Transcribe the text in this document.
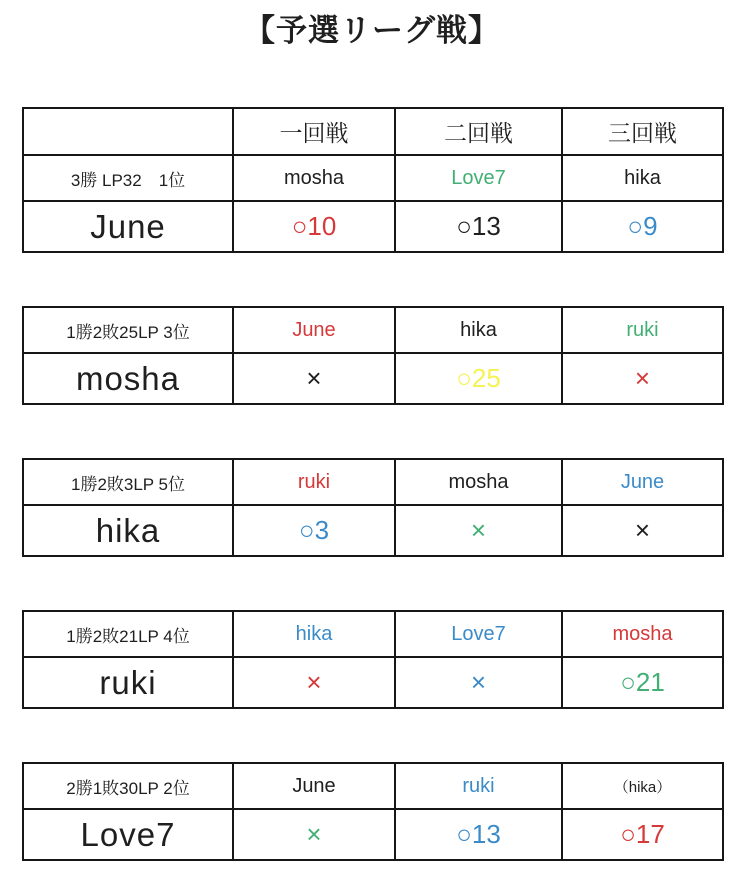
【予選リーグ戦】
	一回戦	二回戦	三回戦
3勝 LP32　1位	mosha	Love7	hika
June	○10	○13	○9
1勝2敗25LP 3位	June	hika	ruki
mosha	×	○25	×
1勝2敗3LP 5位	ruki	mosha	June
hika	○3	×	×
1勝2敗21LP 4位	hika	Love7	mosha
ruki	×	×	○21
2勝1敗30LP 2位	June	ruki	（hika）
Love7	×	○13	○17
